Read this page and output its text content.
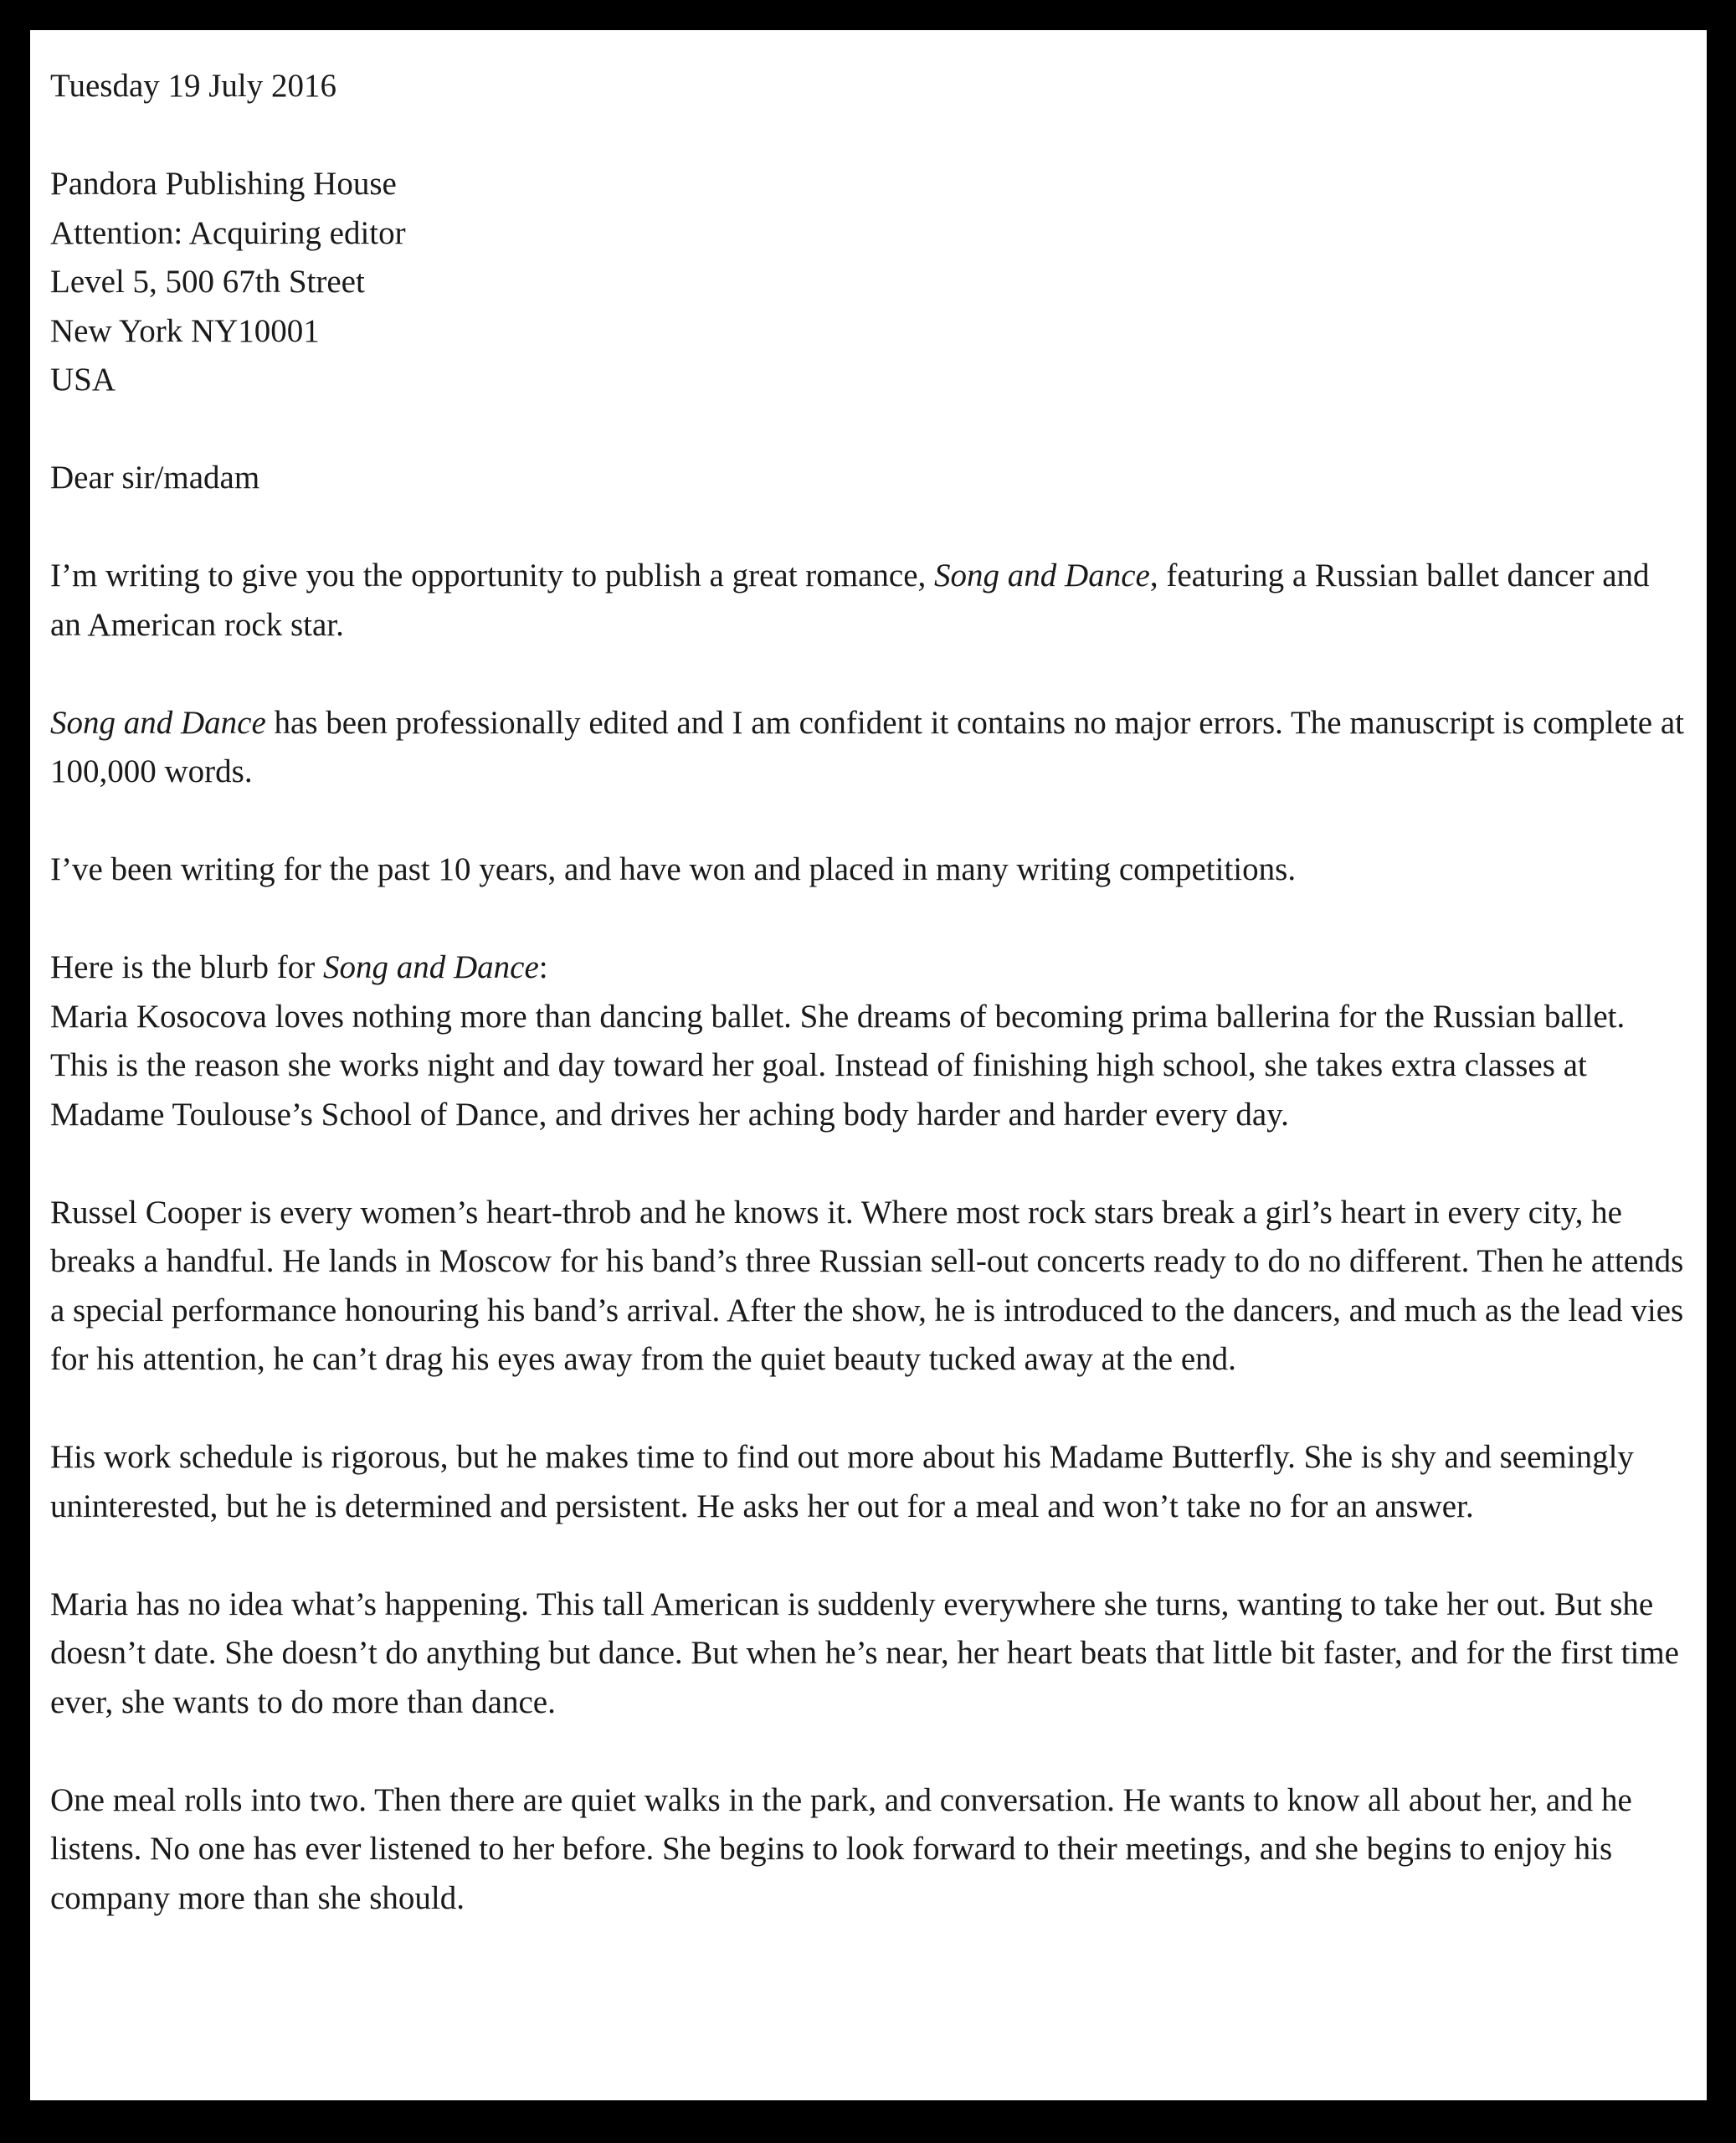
Tuesday 19 July 2016

Pandora Publishing House
Attention: Acquiring editor
Level 5, 500 67th Street
New York NY10001
USA

Dear sir/madam

I’m writing to give you the opportunity to publish a great romance, Song and Dance, featuring a Russian ballet dancer and an American rock star.

Song and Dance has been professionally edited and I am confident it contains no major errors. The manuscript is complete at 100,000 words.

I’ve been writing for the past 10 years, and have won and placed in many writing competitions.

Here is the blurb for Song and Dance:

Maria Kosocova loves nothing more than dancing ballet. She dreams of becoming prima ballerina for the Russian ballet. This is the reason she works night and day toward her goal. Instead of finishing high school, she takes extra classes at Madame Toulouse’s School of Dance, and drives her aching body harder and harder every day.

Russel Cooper is every women’s heart-throb and he knows it. Where most rock stars break a girl’s heart in every city, he breaks a handful. He lands in Moscow for his band’s three Russian sell-out concerts ready to do no different. Then he attends a special performance honouring his band’s arrival. After the show, he is introduced to the dancers, and much as the lead vies for his attention, he can’t drag his eyes away from the quiet beauty tucked away at the end.

His work schedule is rigorous, but he makes time to find out more about his Madame Butterfly. She is shy and seemingly uninterested, but he is determined and persistent. He asks her out for a meal and won’t take no for an answer.

Maria has no idea what’s happening. This tall American is suddenly everywhere she turns, wanting to take her out. But she doesn’t date. She doesn’t do anything but dance. But when he’s near, her heart beats that little bit faster, and for the first time ever, she wants to do more than dance.

One meal rolls into two. Then there are quiet walks in the park, and conversation. He wants to know all about her, and he listens. No one has ever listened to her before. She begins to look forward to their meetings, and she begins to enjoy his company more than she should.
